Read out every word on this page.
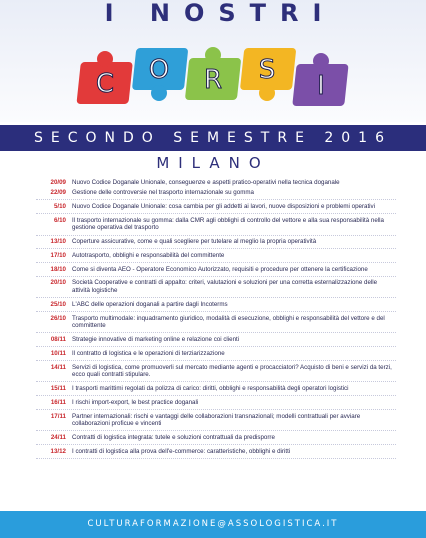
I NOSTRI
C O R S
I
SECONDO SEMESTRE 2016
MILANO
20/09 Nuovo Codice Doganale Unionale, conseguenze e aspetti pratico-operativi nella tecnica doganale
22/09 Gestione delle controversie nel trasporto internazionale su gomma
5/10 Nuovo Codice Doganale Unionale: cosa cambia per gli addetti ai lavori, nuove disposizioni e problemi operativi
6/10 Il trasporto internazionale su gomma: dalla CMR agli obblighi di controllo del vettore e alla sua responsabilità nella gestione operativa del trasporto
13/10 Coperture assicurative, come e quali scegliere per tutelare al meglio la propria operatività
17/10 Autotrasporto, obblighi e responsabilità del committente
18/10 Come si diventa AEO - Operatore Economico Autorizzato, requisiti e procedure per ottenere la certificazione
20/10 Società Cooperative e contratti di appalto: criteri, valutazioni e soluzioni per una corretta esternalizzazione delle attività logistiche
25/10 L'ABC delle operazioni doganali a partire dagli Incoterms
26/10 Trasporto multimodale: inquadramento giuridico, modalità di esecuzione, obblighi e responsabilità del vettore e del committente
08/11 Strategie innovative di marketing online e relazione coi clienti
10/11 Il contratto di logistica e le operazioni di terziarizzazione
14/11 Servizi di logistica, come promuoverli sul mercato mediante agenti e procacciatori? Acquisto di beni e servizi da terzi, ecco quali contratti stipulare.
15/11 I trasporti marittimi regolati da polizza di carico: diritti, obblighi e responsabilità degli operatori logistici
16/11 I rischi import-export, le best practice doganali
17/11 Partner internazionali: rischi e vantaggi delle collaborazioni transnazionali; modelli contrattuali per avviare collaborazioni proficue e vincenti
24/11 Contratti di logistica integrata: tutele e soluzioni contrattuali da predisporre
13/12 I contratti di logistica alla prova dell'e-commerce: caratteristiche, obblighi e diritti
CULTURAFORMAZIONE@ASSOLOGISTICA.IT
